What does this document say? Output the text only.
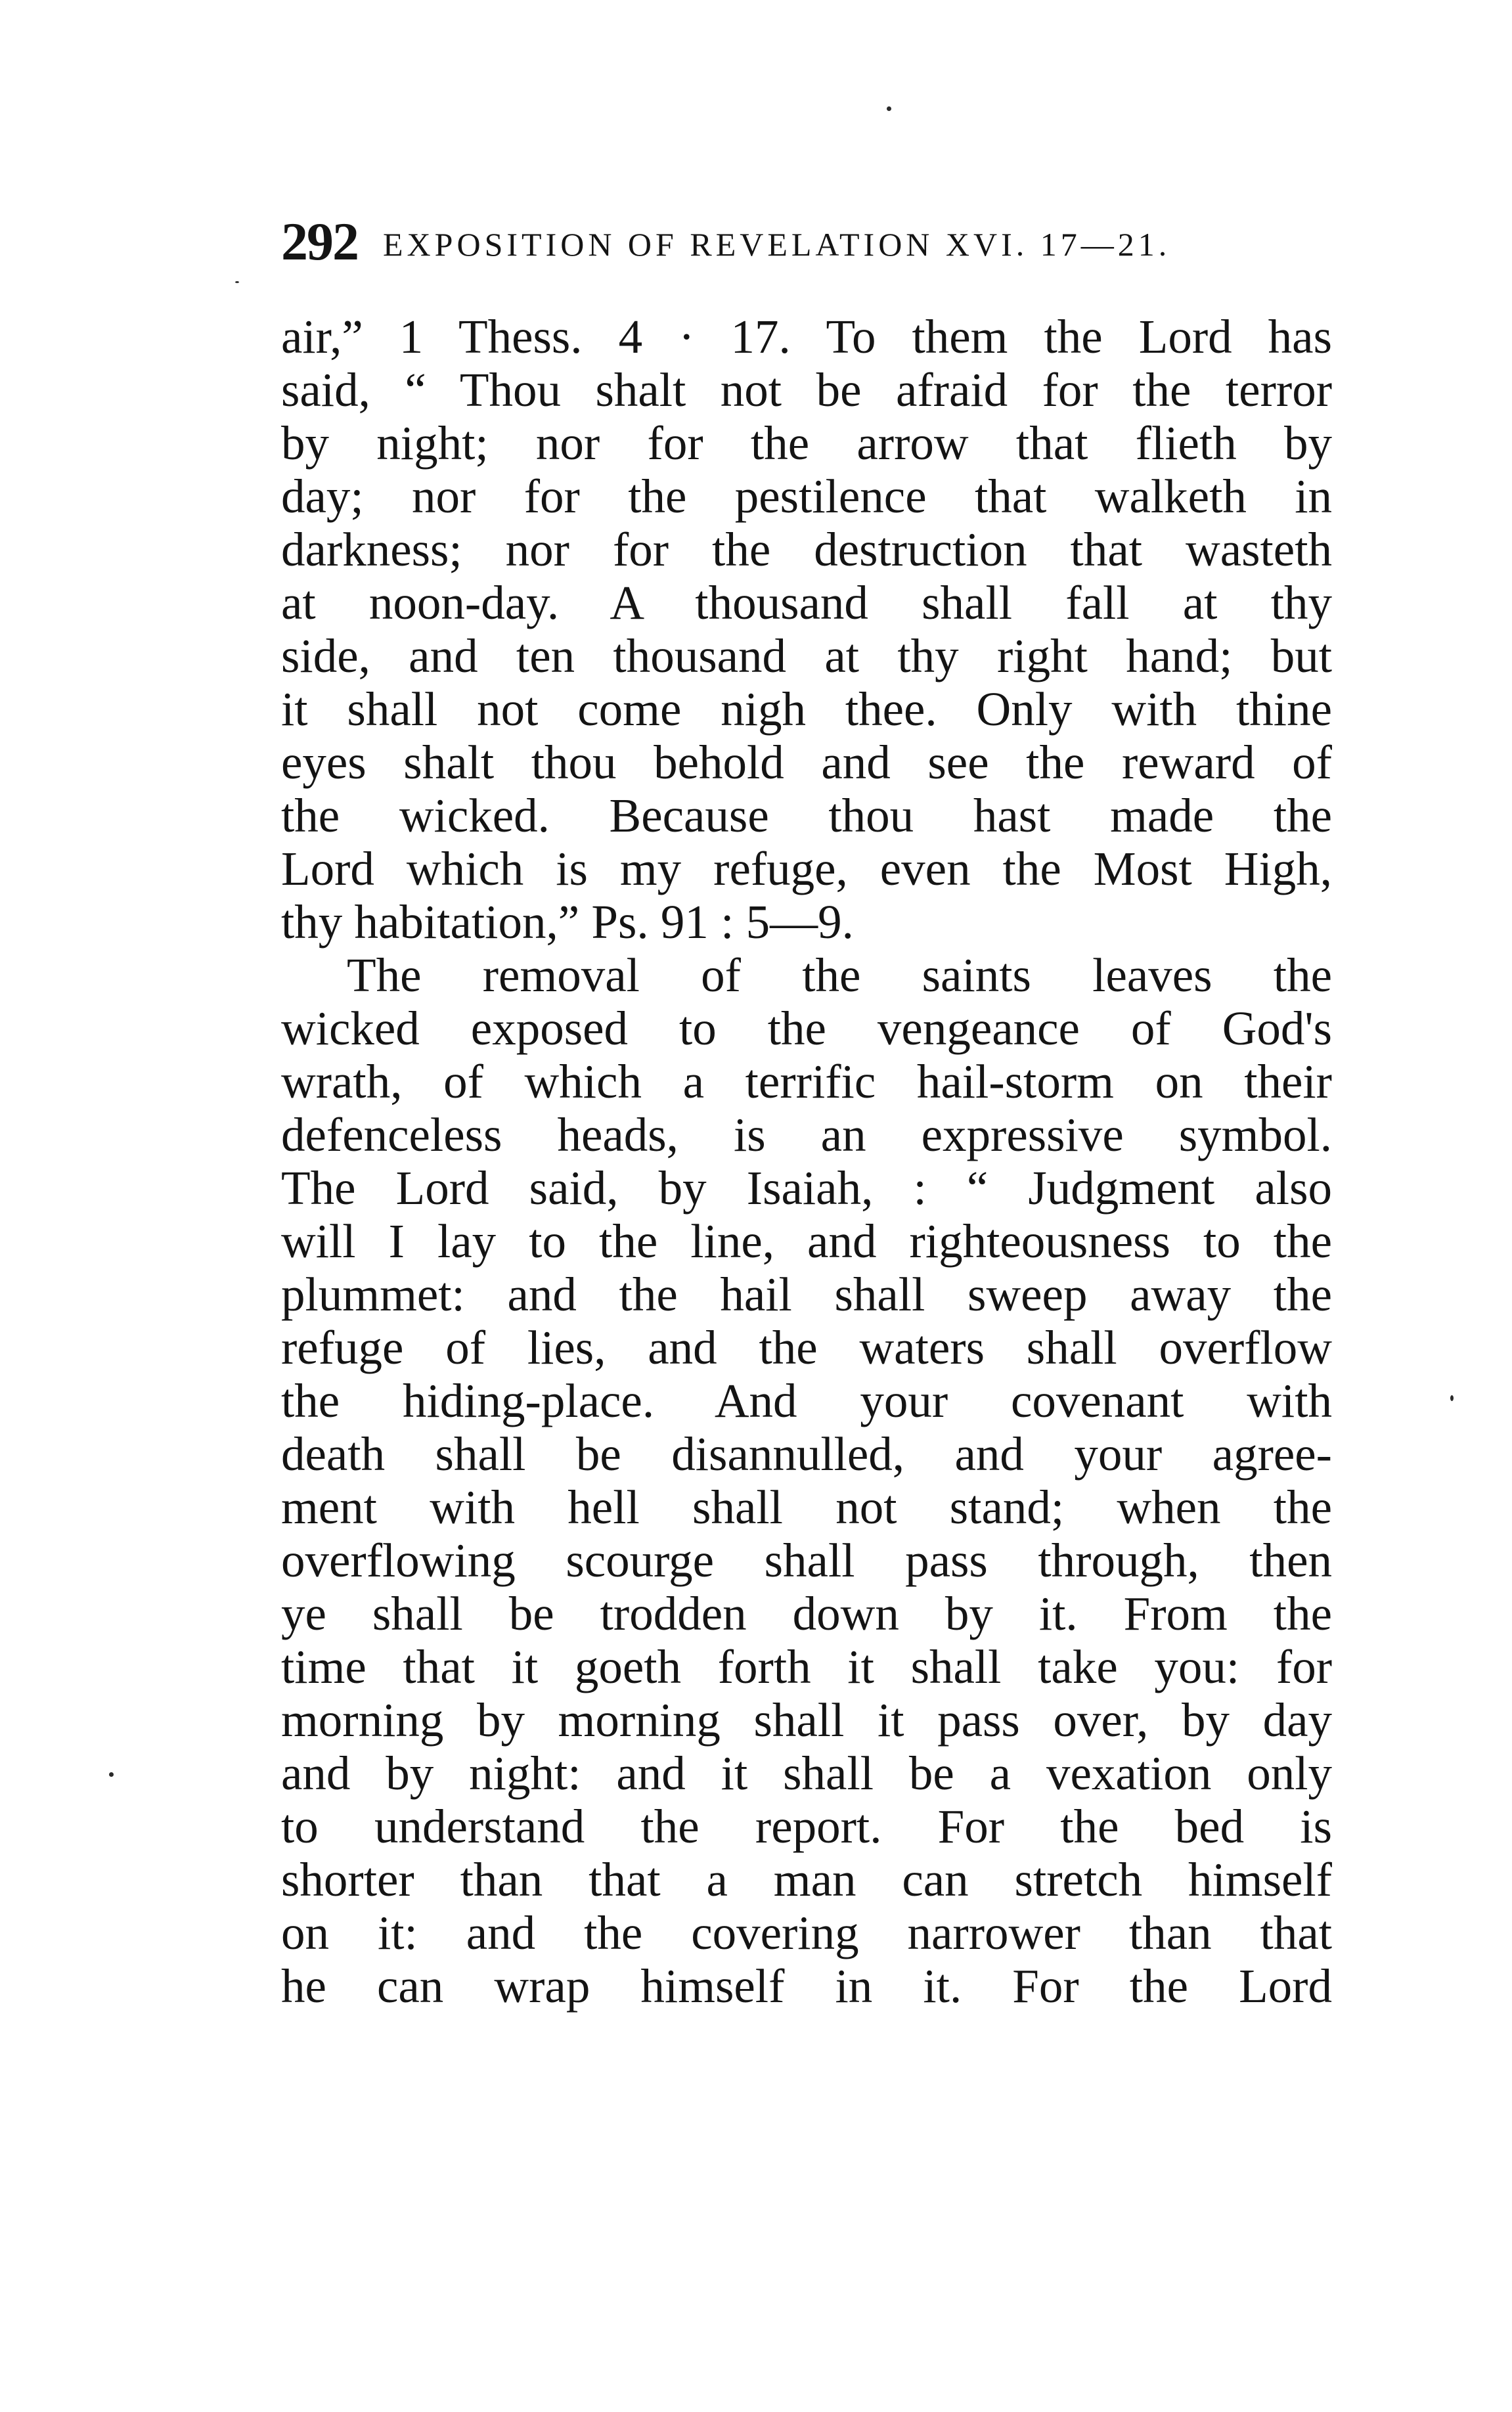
292 EXPOSITION OF REVELATION XVI. 17—21.
air,” 1 Thess. 4 · 17. To them the Lord has
said, “ Thou shalt not be afraid for the terror
by night; nor for the arrow that flieth by
day; nor for the pestilence that walketh in
darkness; nor for the destruction that wasteth
at noon-day. A thousand shall fall at thy
side, and ten thousand at thy right hand; but
it shall not come nigh thee. Only with thine
eyes shalt thou behold and see the reward of
the wicked. Because thou hast made the
Lord which is my refuge, even the Most High,
thy habitation,” Ps. 91 : 5—9.
The removal of the saints leaves the
wicked exposed to the vengeance of God's
wrath, of which a terrific hail-storm on their
defenceless heads, is an expressive symbol.
The Lord said, by Isaiah, : “ Judgment also
will I lay to the line, and righteousness to the
plummet: and the hail shall sweep away the
refuge of lies, and the waters shall overflow
the hiding-place. And your covenant with
death shall be disannulled, and your agree-
ment with hell shall not stand; when the
overflowing scourge shall pass through, then
ye shall be trodden down by it. From the
time that it goeth forth it shall take you: for
morning by morning shall it pass over, by day
and by night: and it shall be a vexation only
to understand the report. For the bed is
shorter than that a man can stretch himself
on it: and the covering narrower than that
he can wrap himself in it. For the Lord
